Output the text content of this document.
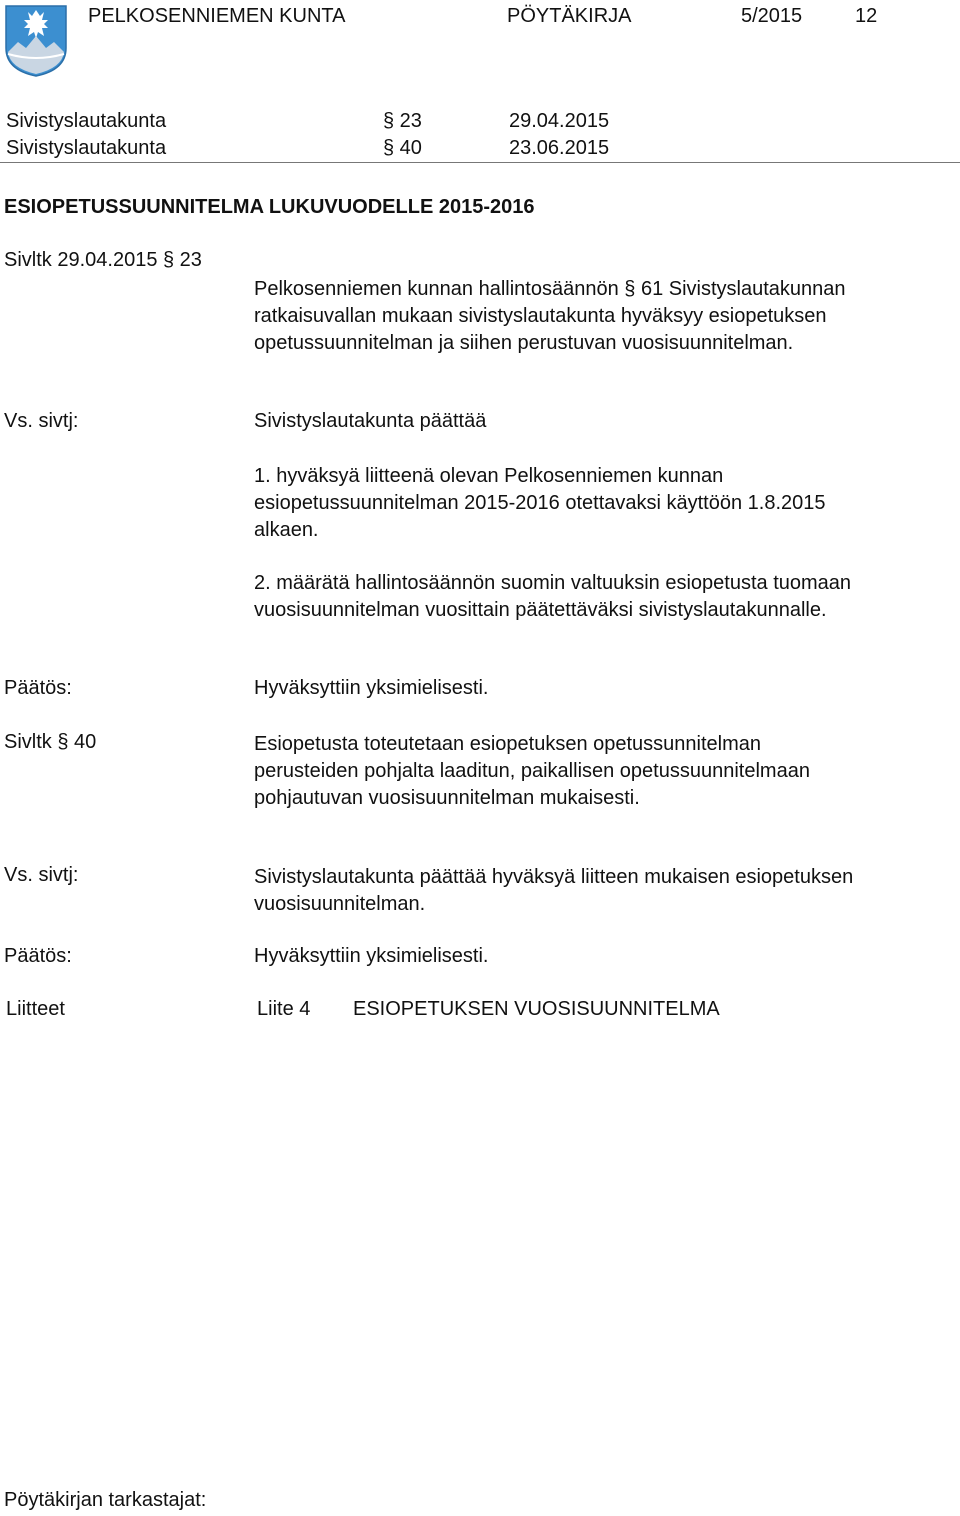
PELKOSENNIEMEN KUNTA	PÖYTÄKIRJA	5/2015	12
Sivistyslautakunta	§ 23	29.04.2015
Sivistyslautakunta	§ 40	23.06.2015
ESIOPETUSSUUNNITELMA LUKUVUODELLE 2015-2016
Sivltk 29.04.2015 § 23
Pelkosenniemen kunnan hallintosäännön § 61 Sivistyslautakunnan
ratkaisuvallan mukaan sivistyslautakunta hyväksyy esiopetuksen
opetussuunnitelman ja siihen perustuvan vuosisuunnitelman.
Vs. sivtj:	Sivistyslautakunta päättää
1. hyväksyä liitteenä olevan Pelkosenniemen kunnan
esiopetussuunnitelman 2015-2016 otettavaksi käyttöön 1.8.2015
alkaen.
2. määrätä hallintosäännön suomin valtuuksin esiopetusta tuomaan
vuosisuunnitelman vuosittain päätettäväksi sivistyslautakunnalle.
Päätös:	Hyväksyttiin yksimielisesti.
Sivltk § 40	Esiopetusta toteutetaan esiopetuksen opetussunnitelman
perusteiden pohjalta laaditun, paikallisen opetussuunnitelmaan
pohjautuvan vuosisuunnitelman mukaisesti.
Vs. sivtj:	Sivistyslautakunta päättää hyväksyä liitteen mukaisen esiopetuksen
vuosisuunnitelman.
Päätös:	Hyväksyttiin yksimielisesti.
Liitteet	Liite 4 ESIOPETUKSEN VUOSISUUNNITELMA
Pöytäkirjan tarkastajat:
